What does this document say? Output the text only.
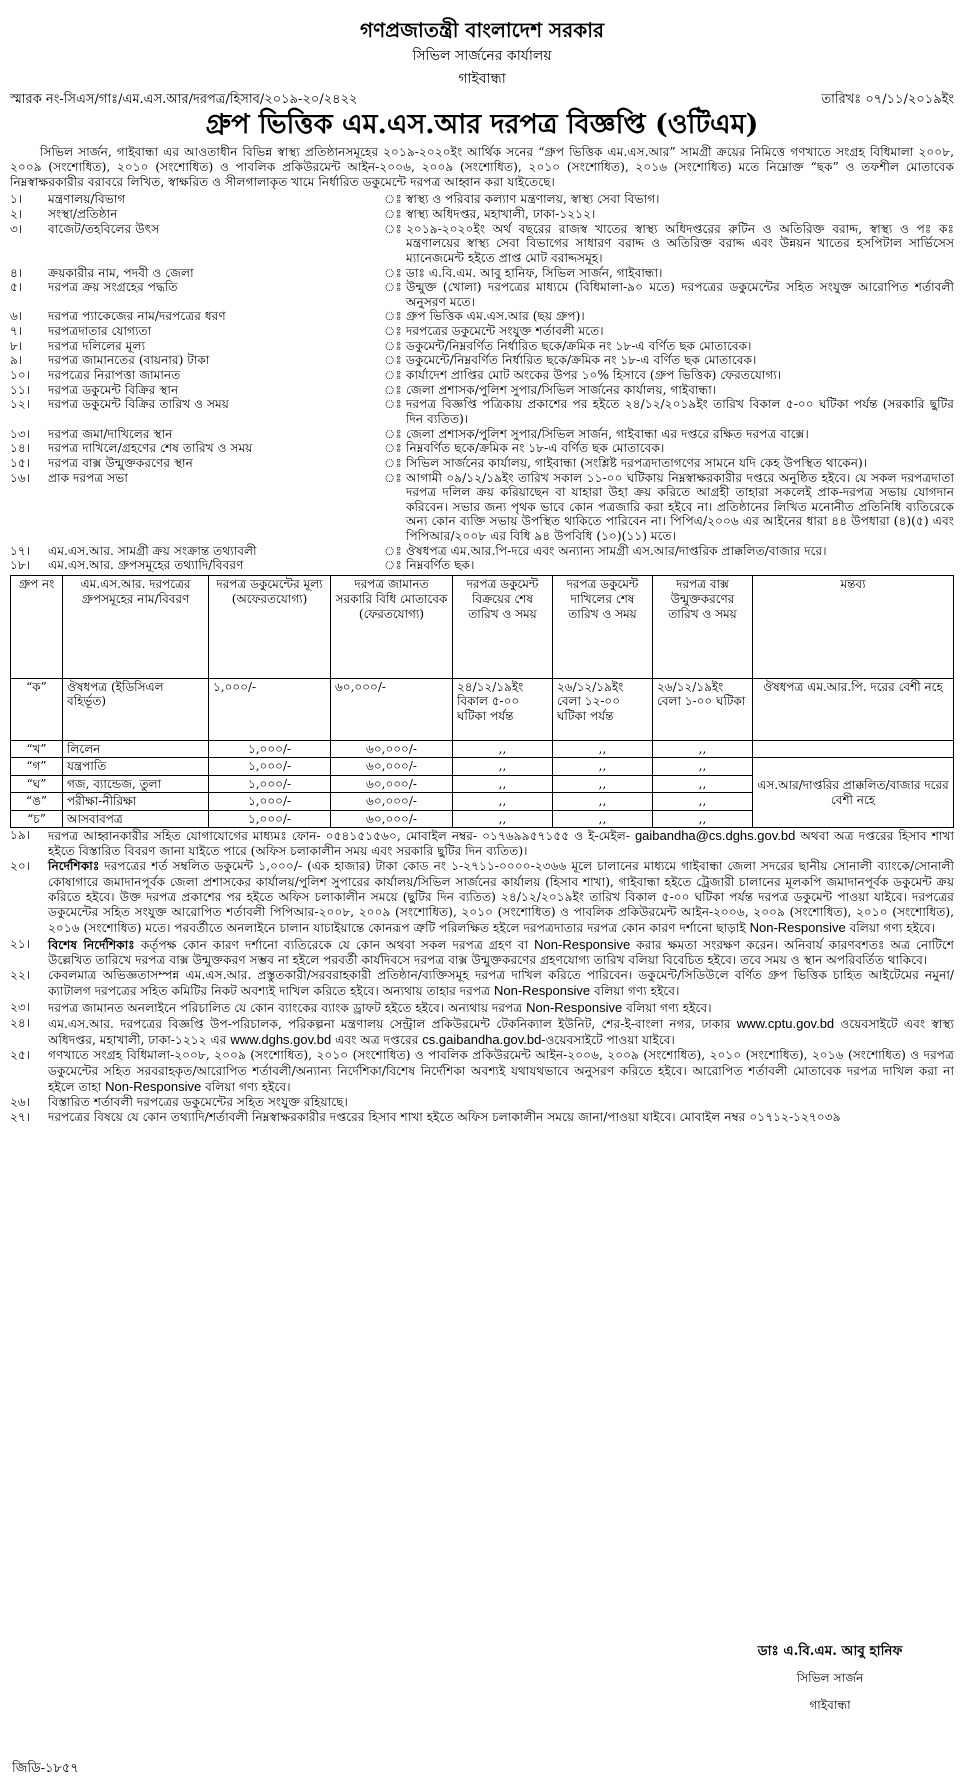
গণপ্রজাতন্ত্রী বাংলাদেশ সরকার
সিভিল সার্জনের কার্যালয়
গাইবান্ধা
স্মারক নং-সিএস/গাঃ/এম.এস.আর/দরপত্র/হিসাব/২০১৯-২০/২৪২২	তারিখঃ ০৭/১১/২০১৯ইং
গ্রুপ ভিত্তিক এম.এস.আর দরপত্র বিজ্ঞপ্তি (ওটিএম)
সিভিল সার্জন, গাইবান্ধা এর আওতাধীন বিভিন্ন স্বাস্থ্য প্রতিষ্ঠানসমূহের ২০১৯-২০২০ইং আর্থিক সনের “গ্রুপ ভিত্তিক এম.এস.আর” সামগ্রী ক্রয়ের নিমিত্তে গণখাতে সংগ্রহ বিধিমালা ২০০৮, ২০০৯ (সংশোধিত), ২০১০ (সংশোধিত) ও পাবলিক প্রকিউরমেন্ট আইন-২০০৬, ২০০৯ (সংশোধিত), ২০১০ (সংশোধিত), ২০১৬ (সংশোধিত) মতে নিম্নোক্ত “ছক” ও তফশীল মোতাবেক নিম্নস্বাক্ষরকারীর বরাবরে লিখিত, স্বাক্ষরিত ও সীলগালাকৃত খামে নির্ধারিত ডকুমেন্টে দরপত্র আহ্বান করা যাইতেছে।
১।	মন্ত্রণালয়/বিভাগ	ঃ স্বাস্থ্য ও পরিবার কল্যাণ মন্ত্রণালয়, স্বাস্থ্য সেবা বিভাগ।
২।	সংস্থা/প্রতিষ্ঠান	ঃ স্বাস্থ্য অধিদপ্তর, মহাখালী, ঢাকা-১২১২।
৩।	বাজেট/তহবিলের উৎস	ঃ ২০১৯-২০২০ইং অর্থ বছরের রাজস্ব খাতের স্বাস্থ্য অধিদপ্তরের রুটিন ও অতিরিক্ত বরাদ্দ, স্বাস্থ্য ও পঃ কঃ মন্ত্রণালয়ের স্বাস্থ্য সেবা বিভাগের সাধারণ বরাদ্দ ও অতিরিক্ত বরাদ্দ এবং উন্নয়ন খাতের হসপিটাল সার্ভিসেস ম্যানেজমেন্ট হইতে প্রাপ্ত মোট বরাদ্দসমূহ।
৪।	ক্রয়কারীর নাম, পদবী ও জেলা	ঃ ডাঃ এ.বি.এম. আবু হানিফ, সিভিল সার্জন, গাইবান্ধা।
৫।	দরপত্র ক্রয় সংগ্রহের পদ্ধতি	ঃ উন্মুক্ত (খোলা) দরপত্রের মাধ্যমে (বিধিমালা-৯০ মতে) দরপত্রের ডকুমেন্টের সহিত সংযুক্ত আরোপিত শর্তাবলী অনুসরণ মতে।
৬।	দরপত্র প্যাকেজের নাম/দরপত্রের ধরণ	ঃ গ্রুপ ভিত্তিক এম.এস.আর (ছয় গ্রুপ)।
৭।	দরপত্রদাতার যোগ্যতা	ঃ দরপত্রের ডকুমেন্টে সংযুক্ত শর্তাবলী মতে।
৮।	দরপত্র দলিলের মূল্য	ঃ ডকুমেন্ট/নিম্নবর্ণিত নির্ধারিত ছকে/ক্রমিক নং ১৮-এ বর্ণিত ছক মোতাবেক।
৯।	দরপত্র জামানতের (বায়নার) টাকা	ঃ ডকুমেন্টে/নিম্নবর্ণিত নির্ধারিত ছকে/ক্রমিক নং ১৮-এ বর্ণিত ছক মোতাবেক।
১০।	দরপত্রের নিরাপত্তা জামানত	ঃ কার্যাদেশ প্রাপ্তির মোট অংকের উপর ১০% হিসাবে (গ্রুপ ভিত্তিক) ফেরতযোগ্য।
১১।	দরপত্র ডকুমেন্ট বিক্রির স্থান	ঃ জেলা প্রশাসক/পুলিশ সুপার/সিভিল সার্জনের কার্যালয়, গাইবান্ধা।
১২।	দরপত্র ডকুমেন্ট বিক্রির তারিখ ও সময়	ঃ দরপত্র বিজ্ঞপ্তি পত্রিকায় প্রকাশের পর হইতে ২৪/১২/২০১৯ইং তারিখ বিকাল ৫-০০ ঘটিকা পর্যন্ত (সরকারি ছুটির দিন ব্যতিত)।
১৩।	দরপত্র জমা/দাখিলের স্থান	ঃ জেলা প্রশাসক/পুলিশ সুপার/সিভিল সার্জন, গাইবান্ধা এর দপ্তরে রক্ষিত দরপত্র বাক্সে।
১৪।	দরপত্র দাখিলে/গ্রহণের শেষ তারিখ ও সময়	ঃ নিম্নবর্ণিত ছকে/ক্রমিক নং ১৮-এ বর্ণিত ছক মোতাবেক।
১৫।	দরপত্র বাক্স উন্মুক্তকরণের স্থান	ঃ সিভিল সার্জনের কার্যালয়, গাইবান্ধা (সংশ্লিষ্ট দরপত্রদাতাগণের সামনে যদি কেহ উপস্থিত থাকেন)।
১৬।	প্রাক দরপত্র সভা	ঃ আগামী ০৯/১২/১৯ইং তারিখ সকাল ১১-০০ ঘটিকায় নিম্নস্বাক্ষরকারীর দপ্তরে অনুষ্ঠিত হইবে। যে সকল দরপত্রদাতা দরপত্র দলিল ক্রয় করিয়াছেন বা যাহারা উহা ক্রয় করিতে আগ্রহী তাহারা সকলেই প্রাক-দরপত্র সভায় যোগদান করিবেন। সভার জন্য পৃথক ভাবে কোন পত্রজারি করা হইবে না। প্রতিষ্ঠানের লিখিত মনোনীত প্রতিনিধি ব্যতিরেকে অন্য কোন ব্যক্তি সভায় উপস্থিত থাকিতে পারিবেন না। পিপিএ/২০০৬ এর আইনের ধারা ৪৪ উপধারা (৪)(৫) এবং পিপিআর/২০০৮ এর বিধি ৯৪ উপবিধি (১০)(১১) মতে।
১৭।	এম.এস.আর. সামগ্রী ক্রয় সংক্রান্ত তথ্যাবলী	ঃ ঔষধপত্র এম.আর.পি-দরে এবং অন্যান্য সামগ্রী এস.আর/দাপ্তরিক প্রাক্কলিত/বাজার দরে।
১৮।	এম.এস.আর. গ্রুপসমূহের তথ্যাদি/বিবরণ	ঃ নিম্নবর্ণিত ছক।
গ্রুপ নং	এম.এস.আর. দরপত্রের গ্রুপসমূহের নাম/বিবরণ	দরপত্র ডকুমেন্টের মূল্য (অফেরতযোগ্য)	দরপত্র জামানত সরকারি বিধি মোতাবেক (ফেরতযোগ্য)	দরপত্র ডকুমেন্ট বিক্রয়ের শেষ তারিখ ও সময়	দরপত্র ডকুমেন্ট দাখিলের শেষ তারিখ ও সময়	দরপত্র বাক্স উন্মুক্তকরণের তারিখ ও সময়	মন্তব্য
“ক”	ঔষধপত্র (ইডিসিএল বহির্ভূত)	১,০০০/-	৬০,০০০/-	২৪/১২/১৯ইং বিকাল ৫-০০ ঘটিকা পর্যন্ত	২৬/১২/১৯ইং বেলা ১২-০০ ঘটিকা পর্যন্ত	২৬/১২/১৯ইং বেলা ১-০০ ঘটিকা	ঔষধপত্র এম.আর.পি. দরের বেশী নহে
“খ”	লিলেন	১,০০০/-	৬০,০০০/-	,,	,,	,,	
“গ”	যন্ত্রপাতি	১,০০০/-	৬০,০০০/-	,,	,,	,,	এস.আর/দাপ্তরির প্রাক্কলিত/বাজার দরের বেশী নহে
“ঘ”	গজ, ব্যান্ডেজ, তুলা	১,০০০/-	৬০,০০০/-	,,	,,	,,	
“ঙ”	পরীক্ষা-নীরিক্ষা	১,০০০/-	৬০,০০০/-	,,	,,	,,	
“চ”	আসবাবপত্র	১,০০০/-	৬০,০০০/-	,,	,,	,,	
১৯।	দরপত্র আহ্বানকারীর সহিত যোগাযোগের মাধ্যমঃ ফোন- ০৫৪১৫১৫৬০, মোবাইল নম্বর- ০১৭৬৯৯৫৭১৫৫ ও ই-মেইল- gaibandha@cs.dghs.gov.bd অথবা অত্র দপ্তরের হিসাব শাখা হইতে বিস্তারিত বিবরণ জানা যাইতে পারে (অফিস চলাকালীন সময় এবং সরকারি ছুটির দিন ব্যতিত)।
২০।	নির্দেশিকাঃ দরপত্রের শর্ত সম্বলিত ডকুমেন্ট ১,০০০/- (এক হাজার) টাকা কোড নং ১-২৭১১-০০০০-২৩৬৬ মূলে চালানের মাধ্যমে গাইবান্ধা জেলা সদরের ছানীয় সোনালী ব্যাংকে/সোনালী কোষাগারে জমাদানপূর্বক জেলা প্রশাসকের কার্যালয়/পুলিশ সুপারের কার্যালয়/সিভিল সার্জনের কার্যালয় (হিসাব শাখা), গাইবান্ধা হইতে ট্রেজারী চালানের মূলকপি জমাদানপূর্বক ডকুমেন্ট ক্রয় করিতে হইবে। উক্ত দরপত্র প্রকাশের পর হইতে অফিস চলাকালীন সময়ে (ছুটির দিন ব্যতিত) ২৪/১২/২০১৯ইং তারিখ বিকাল ৫-০০ ঘটিকা পর্যন্ত দরপত্র ডকুমেন্ট পাওয়া যাইবে। দরপত্রের ডকুমেন্টের সহিত সংযুক্ত আরোপিত শর্তাবলী পিপিআর-২০০৮, ২০০৯ (সংশোধিত), ২০১০ (সংশোধিত) ও পাবলিক প্রকিউরমেন্ট আইন-২০০৬, ২০০৯ (সংশোধিত), ২০১০ (সংশোধিত), ২০১৬ (সংশোধিত) মতে। পরবর্তীতে অনলাইনে চালান যাচাইয়ান্তে কোনরূপ ত্রুটি পরিলক্ষিত হইলে দরপত্রদাতার দরপত্র কোন কারণ দর্শানো ছাড়াই Non-Responsive বলিয়া গণ্য হইবে।
২১।	বিশেষ নির্দেশিকাঃ কর্তৃপক্ষ কোন কারণ দর্শানো ব্যতিরেকে যে কোন অথবা সকল দরপত্র গ্রহণ বা Non-Responsive করার ক্ষমতা সংরক্ষণ করেন। অনিবার্য কারণবশতঃ অত্র নোটিশে উল্লেখিত তারিখে দরপত্র বাক্স উন্মুক্তকরণ সম্ভব না হইলে পরবর্তী কার্যদিবসে দরপত্র বাক্স উন্মুক্তকরণের গ্রহণযোগ্য তারিখ বলিয়া বিবেচিত হইবে। তবে সময় ও স্থান অপরিবর্তিত থাকিবে।
২২।	কেবলমাত্র অভিজ্ঞতাসম্পন্ন এম.এস.আর. প্রস্তুতকারী/সরবরাহকারী প্রতিষ্ঠান/ব্যক্তিসমূহ দরপত্র দাখিল করিতে পারিবেন। ডকুমেন্ট/সিডিউলে বর্ণিত গ্রুপ ভিত্তিক চাহিত আইটেমের নমুনা/ক্যাটালগ দরপত্রের সহিত কমিটির নিকট অবশ্যই দাখিল করিতে হইবে। অন্যথায় তাহার দরপত্র Non-Responsive বলিয়া গণ্য হইবে।
২৩।	দরপত্র জামানত অনলাইনে পরিচালিত যে কোন ব্যাংকের ব্যাংক ড্রাফট হইতে হইবে। অন্যথায় দরপত্র Non-Responsive বলিয়া গণ্য হইবে।
২৪।	এম.এস.আর. দরপত্রের বিজ্ঞপ্তি উপ-পরিচালক, পরিকল্পনা মন্ত্রণালয় সেন্ট্রাল প্রকিউরমেন্ট টেকনিক্যাল ইউনিট, শের-ই-বাংলা নগর, ঢাকার www.cptu.gov.bd ওয়েবসাইটে এবং স্বাস্থ্য অধিদপ্তর, মহাখালী, ঢাকা-১২১২ এর www.dghs.gov.bd এবং অত্র দপ্তরের cs.gaibandha.gov.bd-ওয়েবসাইটে পাওয়া যাইবে।
২৫।	গণখাতে সংগ্রহ বিধিমালা-২০০৮, ২০০৯ (সংশোধিত), ২০১০ (সংশোধিত) ও পাবলিক প্রকিউরমেন্ট আইন-২০০৬, ২০০৯ (সংশোধিত), ২০১০ (সংশোধিত), ২০১৬ (সংশোধিত) ও দরপত্র ডকুমেন্টের সহিত সরবরাহকৃত/আরোপিত শর্তাবলী/অন্যান্য নির্দেশিকা/বিশেষ নির্দেশিকা অবশ্যই যথাযথভাবে অনুসরণ করিতে হইবে। আরোপিত শর্তাবলী মোতাবেক দরপত্র দাখিল করা না হইলে তাহা Non-Responsive বলিয়া গণ্য হইবে।
২৬।	বিস্তারিত শর্তাবলী দরপত্রের ডকুমেন্টের সহিত সংযুক্ত রহিয়াছে।
২৭।	দরপত্রের বিষয়ে যে কোন তথ্যাদি/শর্তাবলী নিম্নস্বাক্ষরকারীর দপ্তরের হিসাব শাখা হইতে অফিস চলাকালীন সময়ে জানা/পাওয়া যাইবে। মোবাইল নম্বর ০১৭১২-১২৭০৩৯
ডাঃ এ.বি.এম. আবু হানিফ
সিভিল সার্জন
গাইবান্ধা
জিডি-১৮৫৭
